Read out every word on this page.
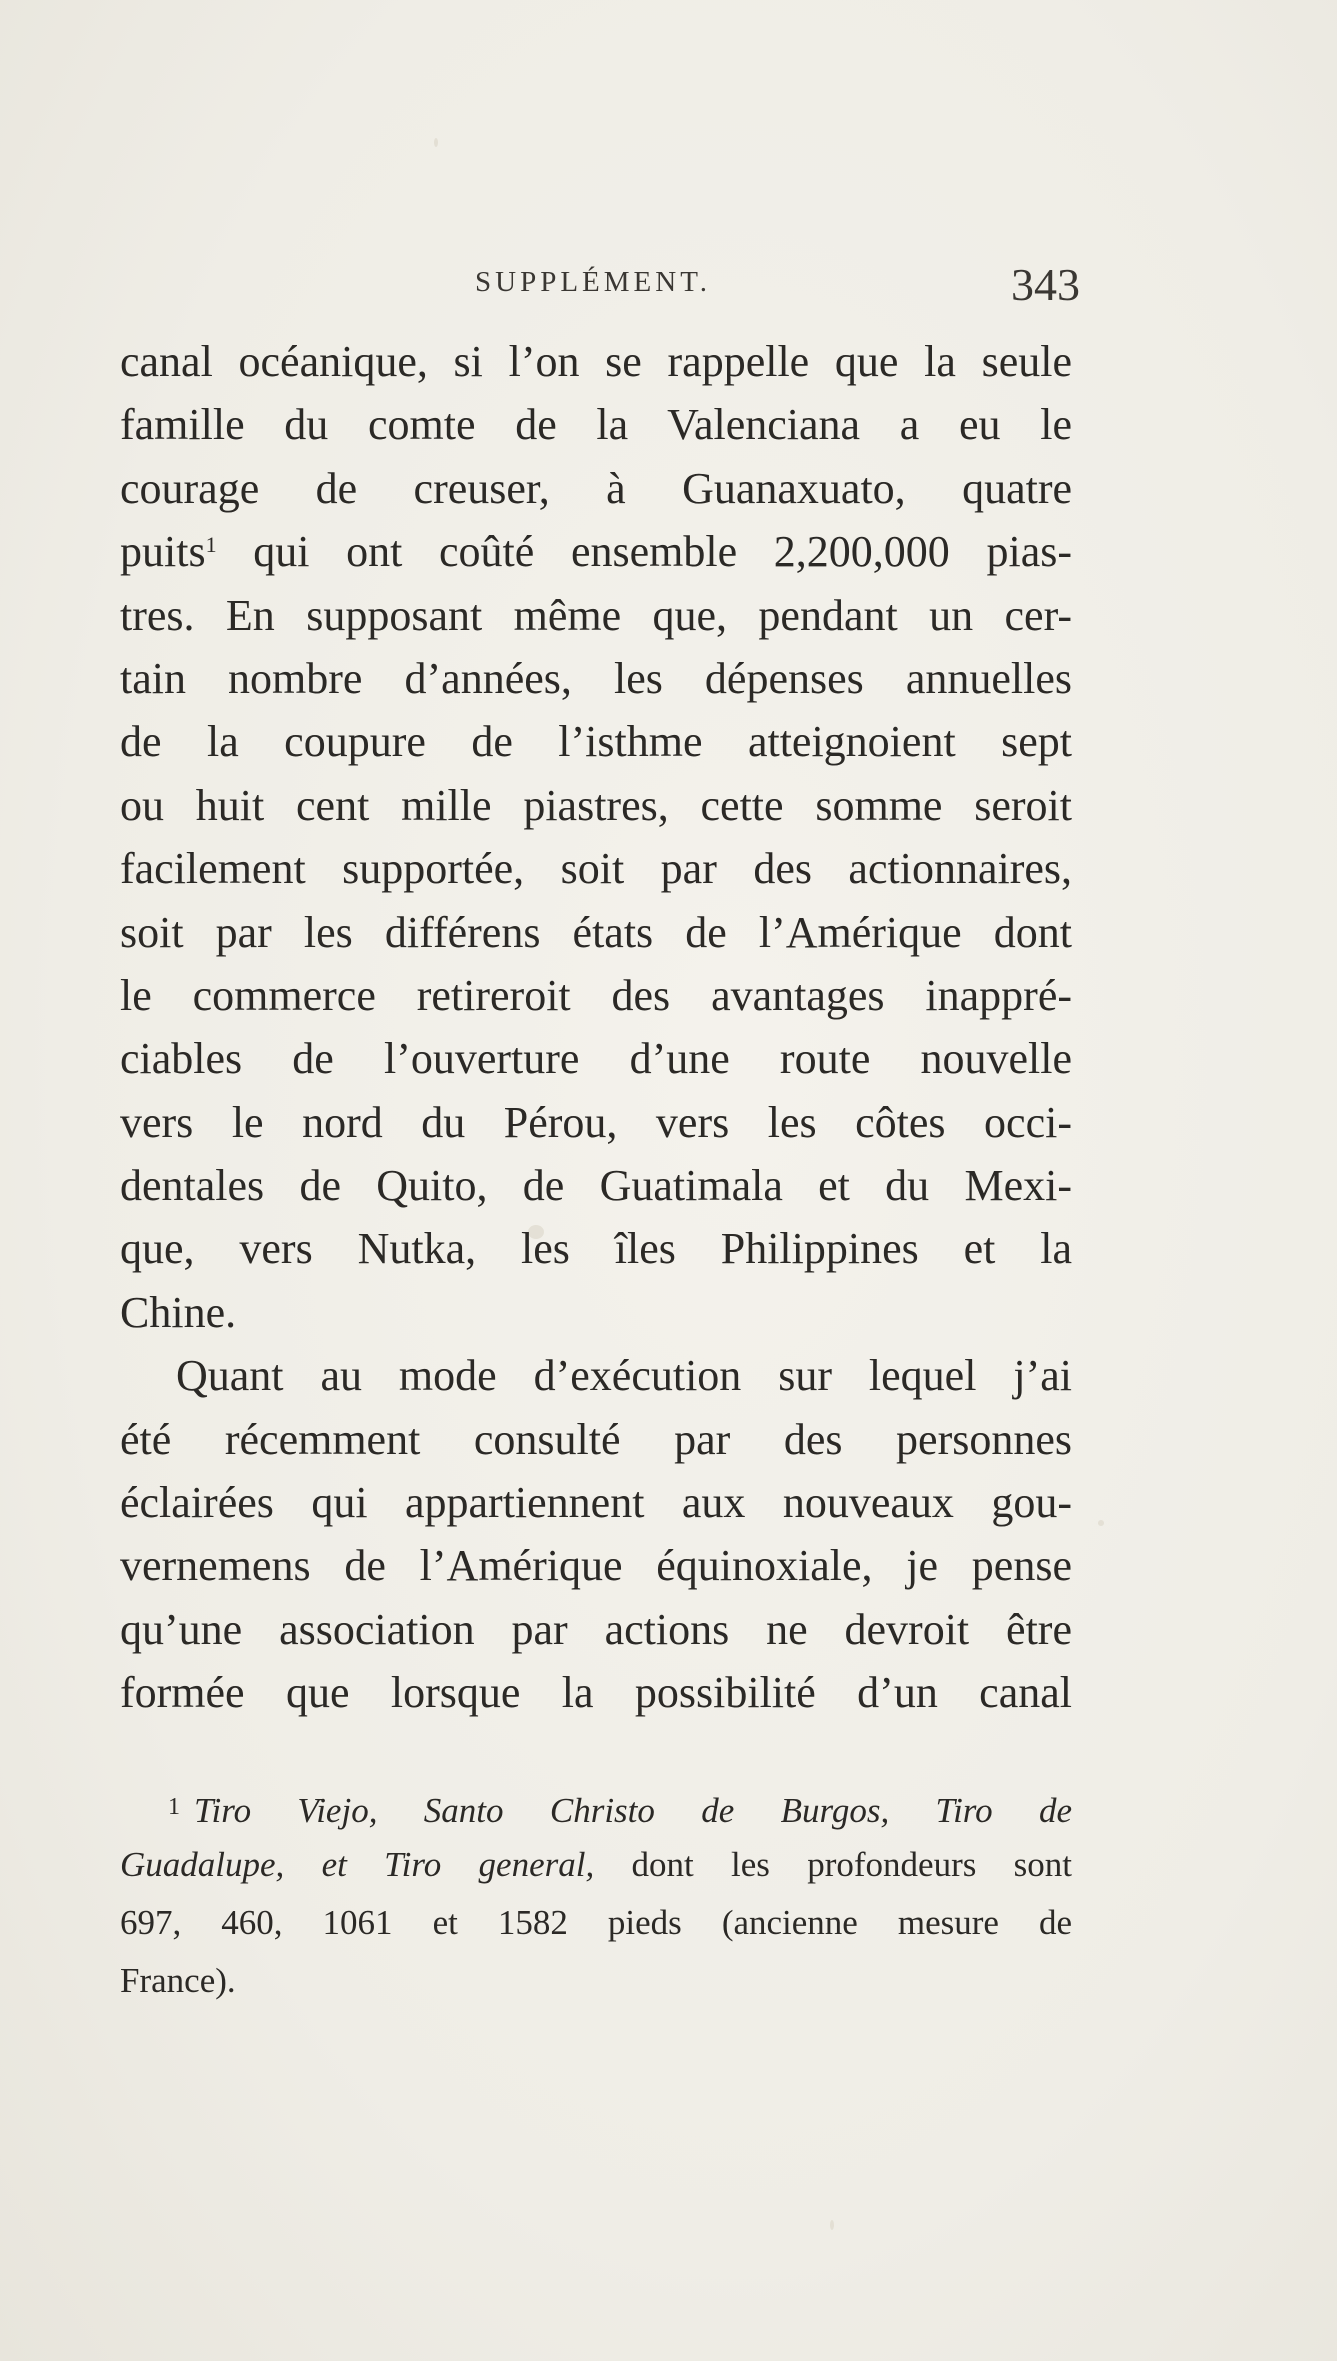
SUPPLÉMENT.	343
canal océanique, si l’on se rappelle que la seule
famille du comte de la Valenciana a eu le
courage de creuser, à Guanaxuato, quatre
puits$^1$ qui ont coûté ensemble 2,200,000 pias-
tres. En supposant même que, pendant un cer-
tain nombre d’années, les dépenses annuelles
de la coupure de l’isthme atteignoient sept
ou huit cent mille piastres, cette somme seroit
facilement supportée, soit par des actionnaires,
soit par les différens états de l’Amérique dont
le commerce retireroit des avantages inappré-
ciables de l’ouverture d’une route nouvelle
vers le nord du Pérou, vers les côtes occi-
dentales de Quito, de Guatimala et du Mexi-
que, vers Nutka, les îles Philippines et la
Chine.
Quant au mode d’exécution sur lequel j’ai
été récemment consulté par des personnes
éclairées qui appartiennent aux nouveaux gou-
vernemens de l’Amérique équinoxiale, je pense
qu’une association par actions ne devroit être
formée que lorsque la possibilité d’un canal
$^1$ Tiro Viejo, Santo Christo de Burgos, Tiro de
Guadalupe, et Tiro general, dont les profondeurs sont
697, 460, 1061 et 1582 pieds (ancienne mesure de
France).
